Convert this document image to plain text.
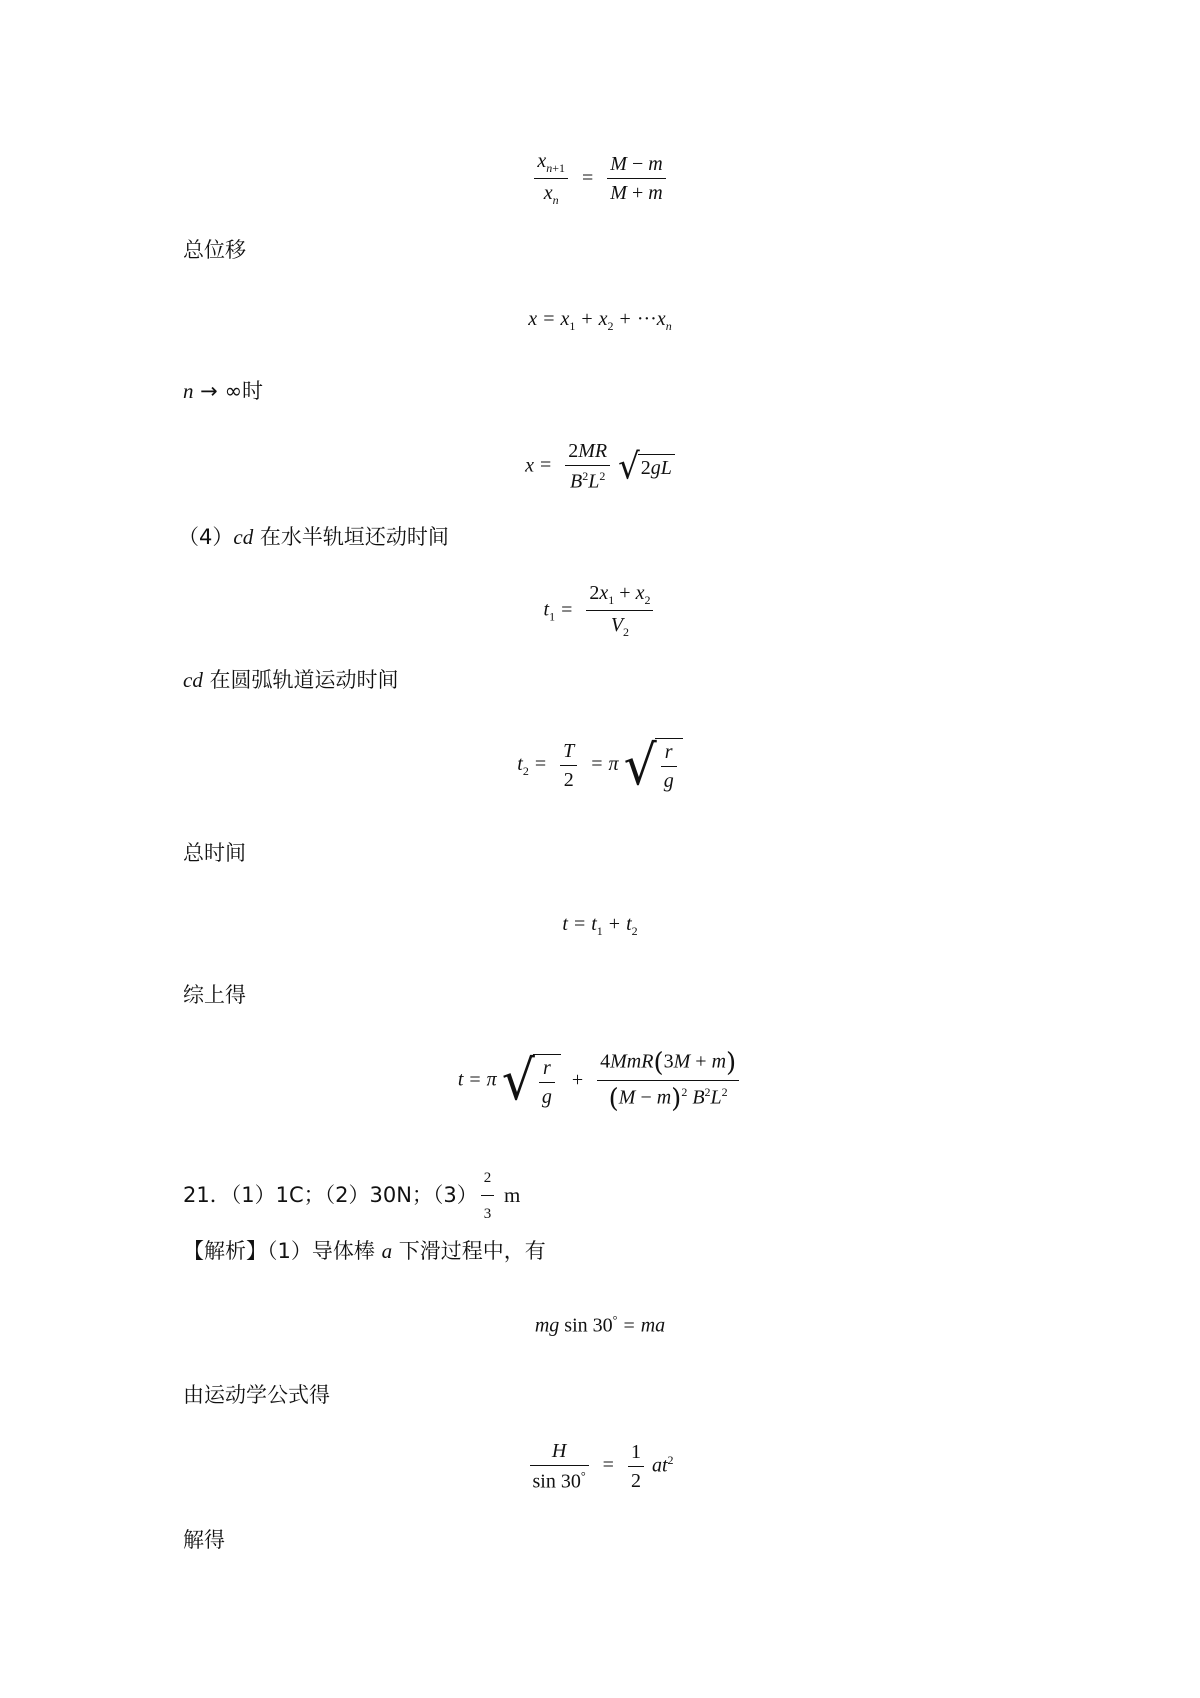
$\frac{x_{n+1}}{x_n} = \frac{M - m}{M + m}$
总位移
$x = x_1 + x_2 + \cdot\cdot\cdot x_n$
n → ∞时
$x = \frac{2MR}{B^2L^2} √2gL$
（4）cd 在水半轨垣还动时间
$t_1 = \frac{2x_1 + x_2}{V_2}$
cd 在圆弧轨道运动时间
$t_2 = \frac{T}{2} = \pi$ √ $\frac{r}{g}$
总时间
$t = t_1 + t_2$
综上得
t = π √ $\frac{r}{g} + \frac{\text{4MmR(3M + m)}}{(M - m)^2 B^2L^2}$
21．（1）1C；（2）30N；$(3) \frac{2}{3}$ m
【解析】（1）导体棒 a 下滑过程中，有
mg sin 30° = ma
由运动学公式得
$\frac{H}{\sin 30^\circ} = \frac{1}{2} at^2$
解得
